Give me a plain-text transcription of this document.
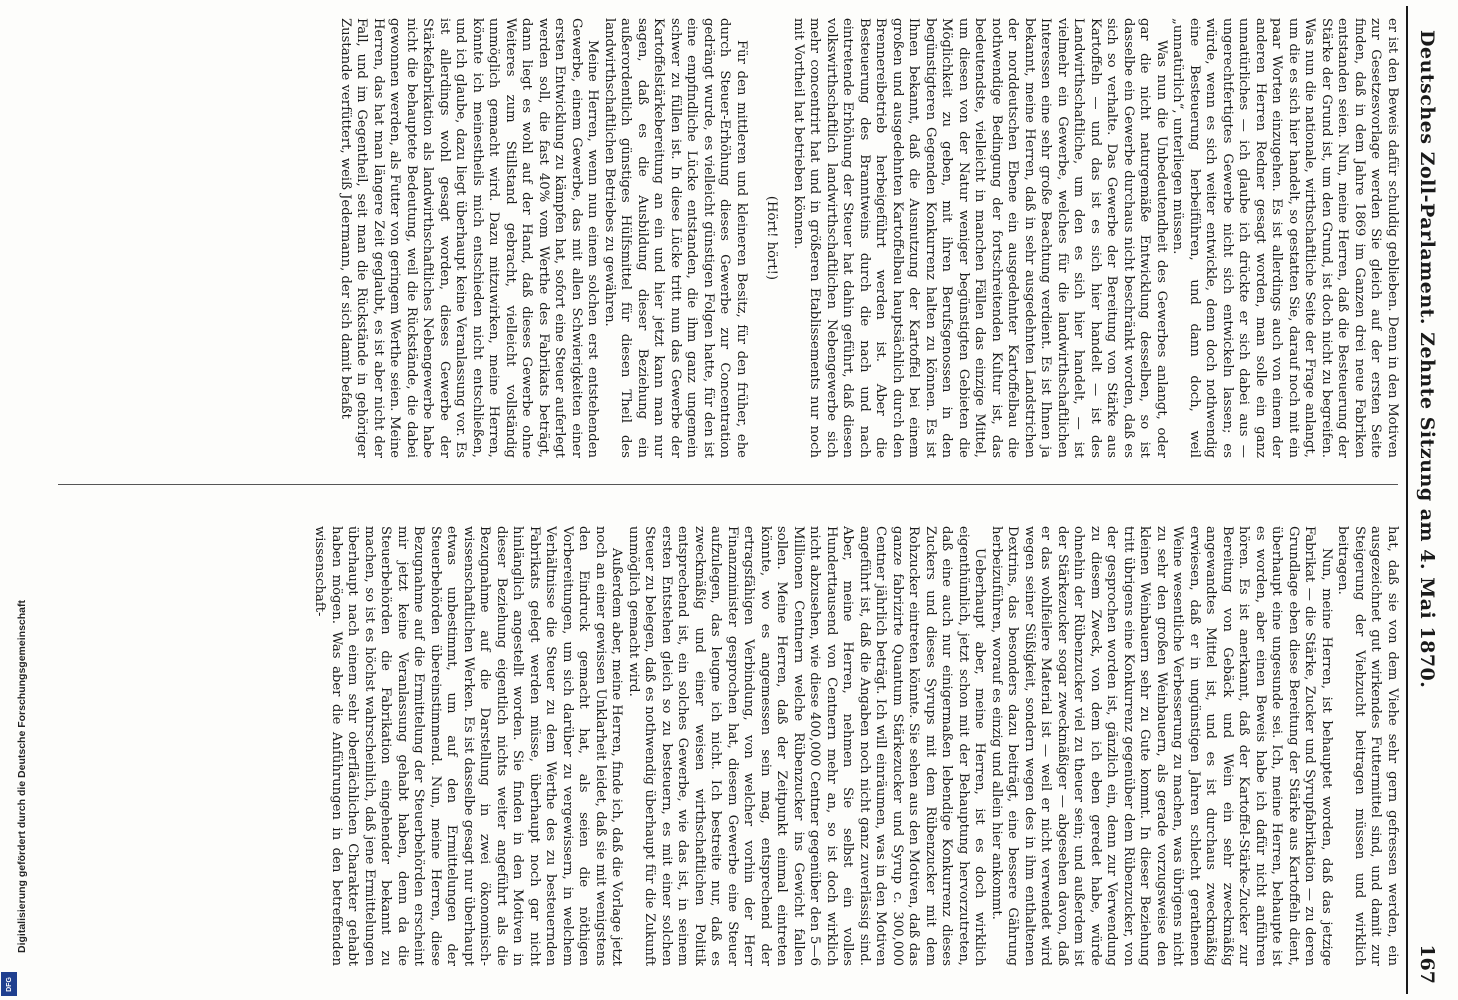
Digitalisierung gefördert durch die Deutsche Forschungsgemeinschaft
DFG
Deutsches Zoll-Parlament. Zehnte Sitzung am 4. Mai 1870.
167

er ist den Beweis dafür schuldig geblieben. Denn in den Motiven zur Gesetzesvorlage werden Sie gleich auf der ersten Seite finden, daß in dem Jahre 1869 im Ganzen drei neue Fabriken entstanden seien. Nun, meine Herren, daß die Besteuerung der Stärke der Grund ist, um den Grund, ist doch nicht zu begreifen. Was nun die nationale, wirthschaftliche Seite der Frage anlangt, um die es sich hier handelt, so gestatten Sie, darauf noch mit ein paar Worten einzugehen. Es ist allerdings auch von einem der anderen Herren Redner gesagt worden, man solle ein ganz unnatürliches — ich glaube ich drückte er sich dabei aus — ungerechtfertigtes Gewerbe nicht sich entwickeln lassen; es würde, wenn es sich weiter entwickle, denn doch nothwendig eine Besteuerung herbeiführen, und dann doch, weil „unnatürlich“, unterliegen müssen.

Was nun die Unbedeutendheit des Gewerbes anlangt, oder gar die nicht naturgemäße Entwicklung desselben, so ist dasselbe ein Gewerbe durchaus nicht beschränkt worden, daß es sich so verhalte. Das Gewerbe der Bereitung von Stärke aus Kartoffeln — und das ist es sich hier handelt — ist des Landwirthschaftliche, um den es sich hier handelt, — ist vielmehr ein Gewerbe, welches für die landwirthschaftlichen Interessen eine sehr große Beachtung verdient. Es ist Ihnen ja bekannt, meine Herren, daß in sehr ausgedehnten Landstrichen der norddeutschen Ebene ein ausgedehnter Kartoffelbau die nothwendige Bedingung der fortschreitenden Kultur ist, das bedeutendste, vielleicht in manchen Fällen das einzige Mittel, um diesen von der Natur weniger begünstigten Gebieten die Möglichkeit zu geben, mit ihren Berufsgenossen in den begünstigteren Gegenden Konkurrenz halten zu können. Es ist Ihnen bekannt, daß die Ausnutzung der Kartoffel bei einem großen und ausgedehnten Kartoffelbau hauptsächlich durch den Brennereibetrieb herbeigeführt werden ist. Aber die Besteuerung des Branntweins durch die nach und nach eintretende Erhöhung der Steuer hat dahin geführt, daß diesen volkswirthschaftlich landwirthschaftlichen Nebengewerbe sich mehr concentrirt hat und in größeren Etablissements nur noch mit Vortheil hat betrieben können.

(Hört! hört!)

Für den mittleren und kleineren Besitz, für den früher, ehe durch Steuer-Erhöhung dieses Gewerbe zur Concentration gedrängt wurde, es vielleicht günstigen Folgen hatte, für den ist eine empfindliche Lücke entstanden, die ihm ganz ungemein schwer zu füllen ist. In diese Lücke tritt nun das Gewerbe der Kartoffelstärkebereitung an ein und hier jetzt kann man nur sagen, daß es die Ausbildung dieser Beziehung ein außerordentlich günstiges Hülfsmittel für diesen Theil des landwirthschaftlichen Betriebes zu gewähren.

Meine Herren, wenn nun einem solchen erst entstehenden Gewerbe, einem Gewerbe, das mit allen Schwierigkeiten einer ersten Entwicklung zu kämpfen hat, sofort eine Steuer auferlegt werden soll, die fast 40% vom Werthe des Fabrikats beträgt, dann liegt es wohl auf der Hand, daß dieses Gewerbe ohne Weiteres zum Stillstand gebracht, vielleicht vollständig unmöglich gemacht wird. Dazu mitzuwirken, meine Herren, könnte ich meinestheils mich entschieden nicht entschließen, und ich glaube, dazu liegt überhaupt keine Veranlassung vor. Es ist allerdings wohl gesagt worden, dieses Gewerbe der Stärkefabrikation als landwirthschaftliches Nebengewerbe habe nicht die behauptete Bedeutung, weil die Rückstände, die dabei gewonnen werden, als Futter von geringem Werthe seien. Meine Herren, das hat man längere Zeit geglaubt, es ist aber nicht der Fall, und im Gegentheil, seit man die Rückstände in gehöriger Zustande verfüttert, weiß Jedermann, der sich damit befaßt

hat, daß sie von dem Viehe sehr gern gefressen werden, ein ausgezeichnet gut wirkendes Futtermittel sind, und damit zur Steigerung der Viehzucht beitragen müssen und wirklich beitragen.

Nun, meine Herren, ist behauptet worden, daß das jetzige Fabrikat — die Stärke, Zucker und Syrupfabrikation — zu deren Grundlage eben diese Bereitung der Stärke aus Kartoffeln dient, überhaupt eine ungesunde sei. Ich, meine Herren, behaupte ist es worden, aber einen Beweis habe ich dafür nicht anführen hören. Es ist anerkannt, daß der Kartoffel-Stärke-Zucker zur Bereitung von Gebäck und Wein ein sehr zweckmäßig angewandtes Mittel ist, und es ist durchaus zweckmäßig erwiesen, daß er in ungünstigen Jahren schlecht gerathenen Weine wesentliche Verbesserung zu machen, was übrigens nicht zu sehr den großen Weinbauern, als gerade vorzugsweise den kleinen Weinbauern sehr zu Gute kommt. In dieser Beziehung tritt übrigens eine Konkurrenz gegenüber dem Rübenzucker, von der gesprochen worden ist, gänzlich ein, denn zur Verwendung zu diesem Zweck, von dem ich eben geredet habe, würde ohnehin der Rübenzucker viel zu theuer sein; und außerdem ist der Stärkezucker sogar zweckmäßiger — abgesehen davon, daß er das wohlfeilere Material ist — weil er nicht verwendet wird wegen seiner Süßigkeit, sondern wegen des in ihm enthaltenen Dextrins, das besonders dazu beiträgt, eine bessere Gährung herbeizuführen, worauf es einzig und allein hier ankommt.

Ueberhaupt aber, meine Herren, ist es doch wirklich eigenthümlich, jetzt schon mit der Behauptung hervorzutreten, daß eine auch nur einigermaßen lebendige Konkurrenz dieses Zuckers und dieses Syrups mit dem Rübenzucker mit dem Rohzucker eintreten könnte. Sie sehen aus den Motiven, daß das ganze fabrizirte Quantum Stärkezucker und Syrup c. 300,000 Centner jährlich beträgt. Ich will einräumen, was in den Motiven angeführt ist, daß die Angaben noch nicht ganz zuverlässig sind. Aber, meine Herren, nehmen Sie selbst ein volles Hunderttausend von Centnern mehr an, so ist doch wirklich nicht abzusehen, wie diese 400,000 Centner gegenüber den 5—6 Millionen Centnern welche Rübenzucker ins Gewicht fallen sollen. Meine Herren, daß der Zeitpunkt einmal eintreten könnte, wo es angemessen sein mag, entsprechend der ertragsfähigen Verbindung, von welcher vorhin der Herr Finanzminister gesprochen hat, diesem Gewerbe eine Steuer aufzulegen, das leugne ich nicht. Ich bestreite nur, daß es zweckmäßig und einer weisen wirthschaftlichen Politik entsprechend ist, ein solches Gewerbe, wie das ist, in seinem ersten Entstehen gleich so zu besteuern, es mit einer solchen Steuer zu belegen, daß es nothwendig überhaupt für die Zukunft unmöglich gemacht wird.

Außerdem aber, meine Herren, finde ich, daß die Vorlage jetzt noch an einer gewissen Unklarheit leidet, daß sie mit wenigstens den Eindruck gemacht hat, als seien die nöthigen Vorbereitungen, um sich darüber zu vergewissern, in welchem Verhältnisse die Steuer zu dem Werthe des zu besteuernden Fabrikats gelegt werden müsse, überhaupt noch gar nicht hinlänglich angestellt worden. Sie finden in den Motiven in dieser Beziehung eigentlich nichts weiter angeführt als die Bezugnahme auf die Darstellung in zwei ökonomisch-wissenschaftlichen Werken. Es ist dasselbe gesagt nur überhaupt etwas unbestimmt, um auf den Ermittelungen der Steuerbehörden übereinstimmend. Nun, meine Herren, diese Bezugnahme auf die Ermittelung der Steuerbehörden erscheint mir jetzt keine Veranlassung gehabt haben, denn da die Steuerbehörden die Fabrikation eingehender bekannt zu machen, so ist es höchst wahrscheinlich, daß jene Ermittelungen überhaupt nach einem sehr oberflächlichen Charakter gehabt haben mögen. Was aber die Anführungen in den betreffenden wissenschaft-
